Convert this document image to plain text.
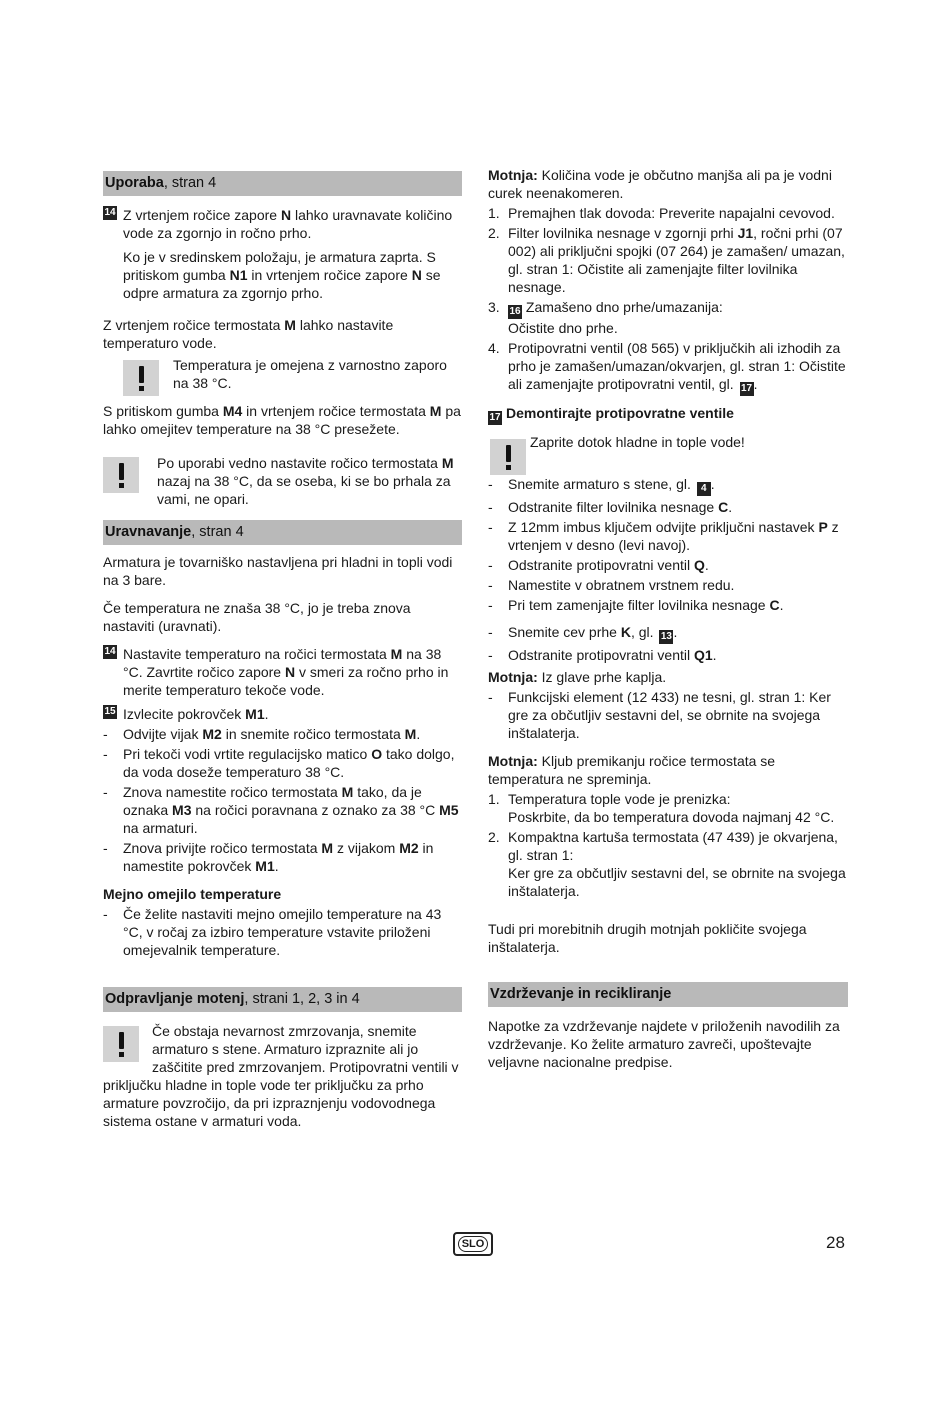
Uporaba, stran 4

14 Z vrtenjem ročice zapore N lahko uravnavate količino vode za zgornjo in ročno prho.

Ko je v sredinskem položaju, je armatura zaprta. S pritiskom gumba N1 in vrtenjem ročice zapore N se odpre armatura za zgornjo prho.

Z vrtenjem ročice termostata M lahko nastavite temperaturo vode.

Temperatura je omejena z varnostno zaporo na 38 °C.

S pritiskom gumba M4 in vrtenjem ročice termostata M pa lahko omejitev temperature na 38 °C presežete.

Po uporabi vedno nastavite ročico termostata M nazaj na 38 °C, da se oseba, ki se bo prhala za vami, ne opari.
Uravnavanje, stran 4

Armatura je tovarniško nastavljena pri hladni in topli vodi na 3 bare.

Če temperatura ne znaša 38 °C, jo je treba znova nastaviti (uravnati).

14 Nastavite temperaturo na ročici termostata M na 38 °C. Zavrtite ročico zapore N v smeri za ročno prho in merite temperaturo tekoče vode.

15 Izvlecite pokrovček M1.

- Odvijte vijak M2 in snemite ročico termostata M.

- Pri tekoči vodi vrtite regulacijsko matico O tako dolgo, da voda doseže temperaturo 38 °C.

- Znova namestite ročico termostata M tako, da je oznaka M3 na ročici poravnana z oznako za 38 °C M5 na armaturi.

- Znova privijte ročico termostata M z vijakom M2 in namestite pokrovček M1.

Mejno omejilo temperature

- Če želite nastaviti mejno omejilo temperature na 43 °C, v ročaj za izbiro temperature vstavite priloženi omejevalnik temperature.

Odpravljanje motenj, strani 1, 2, 3 in 4
Če obstaja nevarnost zmrzovanja, snemite armaturo s stene. Armaturo izpraznite ali jo zaščitite pred zmrzovanjem. Protipovratni ventili v priključku hladne in tople vode ter priključku za prho armature povzročijo, da pri izpraznjenju vodovodnega sistema ostane v armaturi voda.

Motnja: Količina vode je občutno manjša ali pa je vodni curek neenakomeren.

1. Premajhen tlak dovoda: Preverite napajalni cevovod.

2. Filter lovilnika nesnage v zgornji prhi J1, ročni prhi (07 002) ali priključni spojki (07 264) je zamašen/ umazan, gl. stran 1: Očistite ali zamenjajte filter lovilnika nesnage.

3. 16 Zamašeno dno prhe/umazanija:
Očistite dno prhe.

4. Protipovratni ventil (08 565) v priključkih ali izhodih za prho je zamašen/umazan/okvarjen, gl. stran 1: Očistite ali zamenjajte protipovratni ventil, gl. 17.

17 Demontirajte protipovratne ventile

Zaprite dotok hladne in tople vode!

- Snemite armaturo s stene, gl. 4 .

- Odstranite filter lovilnika nesnage C.

- Z 12mm imbus ključem odvijte priključni nastavek P z vrtenjem v desno (levi navoj).

- Odstranite protipovratni ventil Q.

- Namestite v obratnem vrstnem redu.

- Pri tem zamenjajte filter lovilnika nesnage C.

- Snemite cev prhe K, gl. 13.

- Odstranite protipovratni ventil Q1.

Motnja: Iz glave prhe kaplja.

- Funkcijski element (12 433) ne tesni, gl. stran 1: Ker gre za občutljiv sestavni del, se obrnite na svojega inštalaterja.

Motnja: Kljub premikanju ročice termostata se temperatura ne spreminja.

1. Temperatura tople vode je prenizka:
Poskrbite, da bo temperatura dovoda najmanj 42 °C.

2. Kompaktna kartuša termostata (47 439) je okvarjena, gl. stran 1:
Ker gre za občutljiv sestavni del, se obrnite na svojega inštalaterja.

Tudi pri morebitnih drugih motnjah pokličite svojega inštalaterja.

Vzdrževanje in recikliranje

Napotke za vzdrževanje najdete v priloženih navodilih za vzdrževanje. Ko želite armaturo zavreči, upoštevajte veljavne nacionalne predpise.

SLO	28
